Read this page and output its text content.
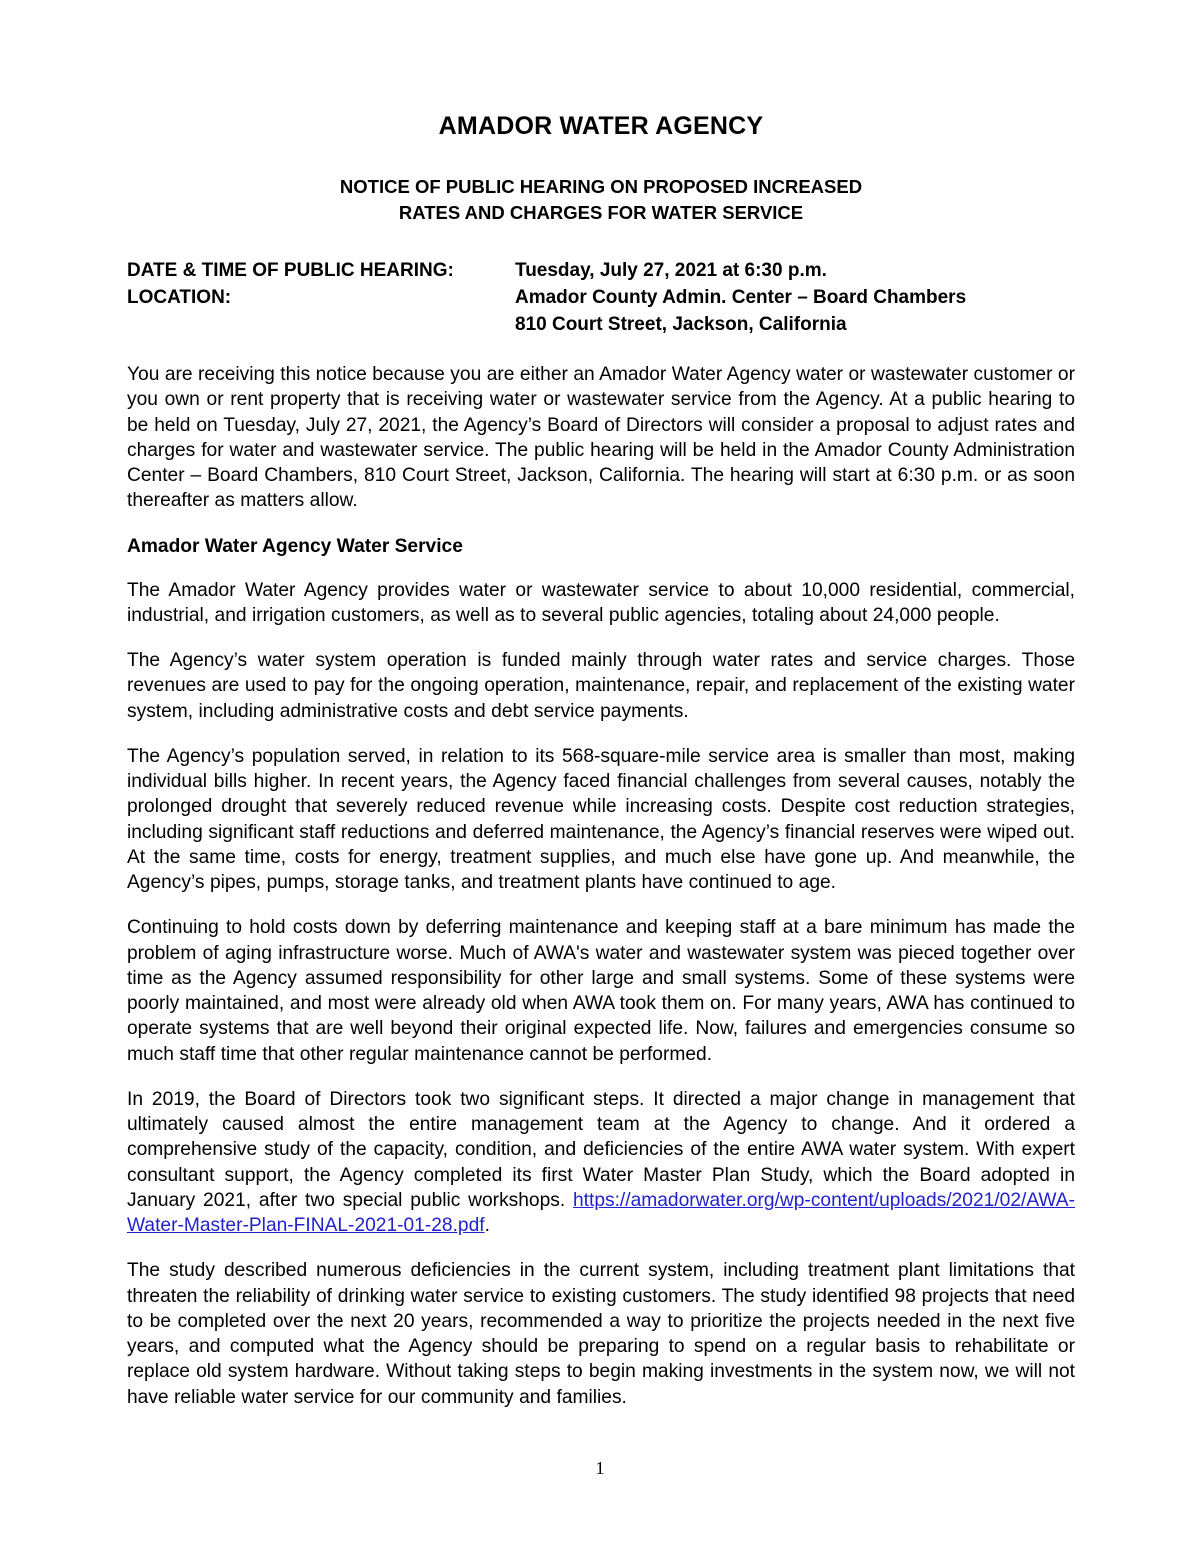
AMADOR WATER AGENCY
NOTICE OF PUBLIC HEARING ON PROPOSED INCREASED
RATES AND CHARGES FOR WATER SERVICE
DATE & TIME OF PUBLIC HEARING:	Tuesday, July 27, 2021 at 6:30 p.m.
LOCATION:	Amador County Admin. Center – Board Chambers
810 Court Street, Jackson, California

You are receiving this notice because you are either an Amador Water Agency water or wastewater customer or you own or rent property that is receiving water or wastewater service from the Agency. At a public hearing to be held on Tuesday, July 27, 2021, the Agency’s Board of Directors will consider a proposal to adjust rates and charges for water and wastewater service. The public hearing will be held in the Amador County Administration Center – Board Chambers, 810 Court Street, Jackson, California. The hearing will start at 6:30 p.m. or as soon thereafter as matters allow.

Amador Water Agency Water Service

The Amador Water Agency provides water or wastewater service to about 10,000 residential, commercial, industrial, and irrigation customers, as well as to several public agencies, totaling about 24,000 people.

The Agency’s water system operation is funded mainly through water rates and service charges. Those revenues are used to pay for the ongoing operation, maintenance, repair, and replacement of the existing water system, including administrative costs and debt service payments.

The Agency’s population served, in relation to its 568-square-mile service area is smaller than most, making individual bills higher. In recent years, the Agency faced financial challenges from several causes, notably the prolonged drought that severely reduced revenue while increasing costs. Despite cost reduction strategies, including significant staff reductions and deferred maintenance, the Agency’s financial reserves were wiped out. At the same time, costs for energy, treatment supplies, and much else have gone up. And meanwhile, the Agency’s pipes, pumps, storage tanks, and treatment plants have continued to age.

Continuing to hold costs down by deferring maintenance and keeping staff at a bare minimum has made the problem of aging infrastructure worse. Much of AWA's water and wastewater system was pieced together over time as the Agency assumed responsibility for other large and small systems. Some of these systems were poorly maintained, and most were already old when AWA took them on. For many years, AWA has continued to operate systems that are well beyond their original expected life. Now, failures and emergencies consume so much staff time that other regular maintenance cannot be performed.

In 2019, the Board of Directors took two significant steps. It directed a major change in management that ultimately caused almost the entire management team at the Agency to change. And it ordered a comprehensive study of the capacity, condition, and deficiencies of the entire AWA water system. With expert consultant support, the Agency completed its first Water Master Plan Study, which the Board adopted in January 2021, after two special public workshops. https://amadorwater.org/wp-content/uploads/2021/02/AWA-Water-Master-Plan-FINAL-2021-01-28.pdf.

The study described numerous deficiencies in the current system, including treatment plant limitations that threaten the reliability of drinking water service to existing customers. The study identified 98 projects that need to be completed over the next 20 years, recommended a way to prioritize the projects needed in the next five years, and computed what the Agency should be preparing to spend on a regular basis to rehabilitate or replace old system hardware. Without taking steps to begin making investments in the system now, we will not have reliable water service for our community and families.

1
